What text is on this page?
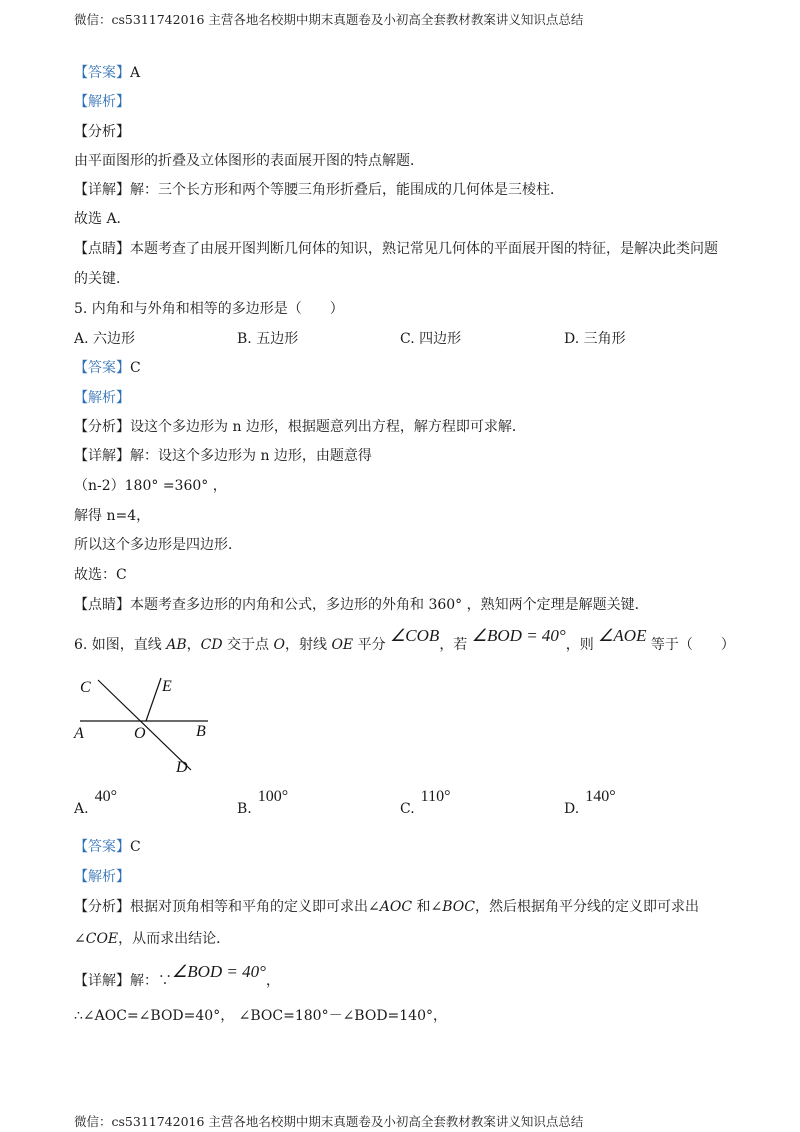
微信：cs5311742016 主营各地名校期中期末真题卷及小初高全套教材教案讲义知识点总结
【答案】A
【解析】
【分析】
由平面图形的折叠及立体图形的表面展开图的特点解题．
【详解】解：三个长方形和两个等腰三角形折叠后，能围成的几何体是三棱柱．
故选 A．
【点睛】本题考查了由展开图判断几何体的知识，熟记常见几何体的平面展开图的特征，是解决此类问题
的关键．
5. 内角和与外角和相等的多边形是（　　）
A. 六边形	B. 五边形	C. 四边形	D. 三角形
【答案】C
【解析】
【分析】设这个多边形为 n 边形，根据题意列出方程，解方程即可求解．
【详解】解：设这个多边形为 n 边形，由题意得
（n-2）180° =360° ，
解得 n=4，
所以这个多边形是四边形．
故选：C
【点睛】本题考查多边形的内角和公式，多边形的外角和 360° ，熟知两个定理是解题关键．
6. 如图，直线 AB，CD 交于点 O，射线 OE 平分 ∠COB，若 ∠BOD = 40°，则 ∠AOE 等于（　　）
C	E
A	O	B
D
A.40°
B.100°
C.110°
D.140°
【答案】C
【解析】
【分析】根据对顶角相等和平角的定义即可求出∠AOC 和∠BOC，然后根据角平分线的定义即可求出
∠COE，从而求出结论．
【详解】解：∵∠BOD = 40°，
∴∠AOC=∠BOD=40°， ∠BOC=180°－∠BOD=140°，
微信：cs5311742016 主营各地名校期中期末真题卷及小初高全套教材教案讲义知识点总结
